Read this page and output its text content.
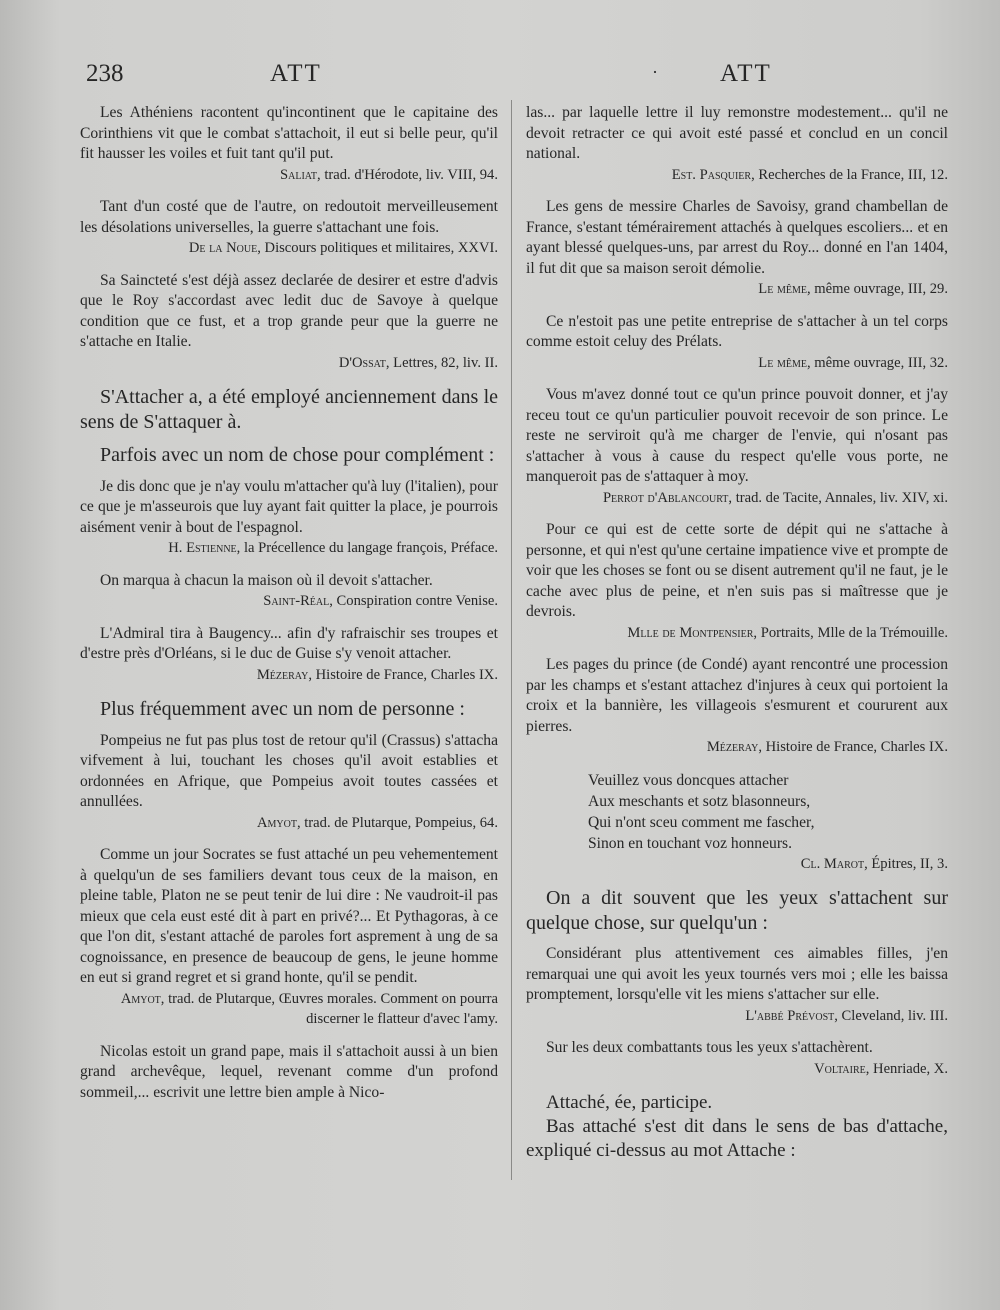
238	ATT	· ATT

Les Athéniens racontent qu'incontinent que le capitaine des Corinthiens vit que le combat s'attachoit, il eut si belle peur, qu'il fit hausser les voiles et fuit tant qu'il put.

Saliat, trad. d'Hérodote, liv. VIII, 94.

Tant d'un costé que de l'autre, on redoutoit merveilleusement les désolations universelles, la guerre s'attachant une fois.

De la Noue, Discours politiques et militaires, XXVI.

Sa Saincteté s'est déjà assez declarée de desirer et estre d'advis que le Roy s'accordast avec ledit duc de Savoye à quelque condition que ce fust, et a trop grande peur que la guerre ne s'attache en Italie.

D'Ossat, Lettres, 82, liv. II.

S'Attacher a, a été employé anciennement dans le sens de S'attaquer à.

Parfois avec un nom de chose pour complément :

Je dis donc que je n'ay voulu m'attacher qu'à luy (l'italien), pour ce que je m'asseurois que luy ayant fait quitter la place, je pourrois aisément venir à bout de l'espagnol.

H. Estienne, la Précellence du langage françois, Préface.

On marqua à chacun la maison où il devoit s'attacher.

Saint-Réal, Conspiration contre Venise.

L'Admiral tira à Baugency... afin d'y rafraischir ses troupes et d'estre près d'Orléans, si le duc de Guise s'y venoit attacher.

Mézeray, Histoire de France, Charles IX.

Plus fréquemment avec un nom de personne :

Pompeius ne fut pas plus tost de retour qu'il (Crassus) s'attacha vifvement à lui, touchant les choses qu'il avoit establies et ordonnées en Afrique, que Pompeius avoit toutes cassées et annullées.

Amyot, trad. de Plutarque, Pompeius, 64.

Comme un jour Socrates se fust attaché un peu vehementement à quelqu'un de ses familiers devant tous ceux de la maison, en pleine table, Platon ne se peut tenir de lui dire : Ne vaudroit-il pas mieux que cela eust esté dit à part en privé?... Et Pythagoras, à ce que l'on dit, s'estant attaché de paroles fort asprement à ung de sa cognoissance, en presence de beaucoup de gens, le jeune homme en eut si grand regret et si grand honte, qu'il se pendit.

Amyot, trad. de Plutarque, Œuvres morales. Comment on pourra discerner le flatteur d'avec l'amy.

Nicolas estoit un grand pape, mais il s'attachoit aussi à un bien grand archevêque, lequel, revenant comme d'un profond sommeil,... escrivit une lettre bien ample à Nico-

las... par laquelle lettre il luy remonstre modestement... qu'il ne devoit retracter ce qui avoit esté passé et conclud en un concil national.

Est. Pasquier, Recherches de la France, III, 12.

Les gens de messire Charles de Savoisy, grand chambellan de France, s'estant témérairement attachés à quelques escoliers... et en ayant blessé quelques-uns, par arrest du Roy... donné en l'an 1404, il fut dit que sa maison seroit démolie.

Le même, même ouvrage, III, 29.

Ce n'estoit pas une petite entreprise de s'attacher à un tel corps comme estoit celuy des Prélats.

Le même, même ouvrage, III, 32.

Vous m'avez donné tout ce qu'un prince pouvoit donner, et j'ay receu tout ce qu'un particulier pouvoit recevoir de son prince. Le reste ne serviroit qu'à me charger de l'envie, qui n'osant pas s'attacher à vous à cause du respect qu'elle vous porte, ne manqueroit pas de s'attaquer à moy.

Perrot d'Ablancourt, trad. de Tacite, Annales, liv. XIV, xi.

Pour ce qui est de cette sorte de dépit qui ne s'attache à personne, et qui n'est qu'une certaine impatience vive et prompte de voir que les choses se font ou se disent autrement qu'il ne faut, je le cache avec plus de peine, et n'en suis pas si maîtresse que je devrois.

Mlle de Montpensier, Portraits, Mlle de la Trémouille.

Les pages du prince (de Condé) ayant rencontré une procession par les champs et s'estant attachez d'injures à ceux qui portoient la croix et la bannière, les villageois s'esmurent et coururent aux pierres.

Mézeray, Histoire de France, Charles IX.

Veuillez vous doncques attacher
Aux meschants et sotz blasonneurs,
Qui n'ont sceu comment me fascher,
Sinon en touchant voz honneurs.

Cl. Marot, Épitres, II, 3.

On a dit souvent que les yeux s'attachent sur quelque chose, sur quelqu'un :

Considérant plus attentivement ces aimables filles, j'en remarquai une qui avoit les yeux tournés vers moi ; elle les baissa promptement, lorsqu'elle vit les miens s'attacher sur elle.

L'abbé Prévost, Cleveland, liv. III.

Sur les deux combattants tous les yeux s'attachèrent.

Voltaire, Henriade, X.

Attaché, ée, participe.

Bas attaché s'est dit dans le sens de bas d'attache, expliqué ci-dessus au mot Attache :
